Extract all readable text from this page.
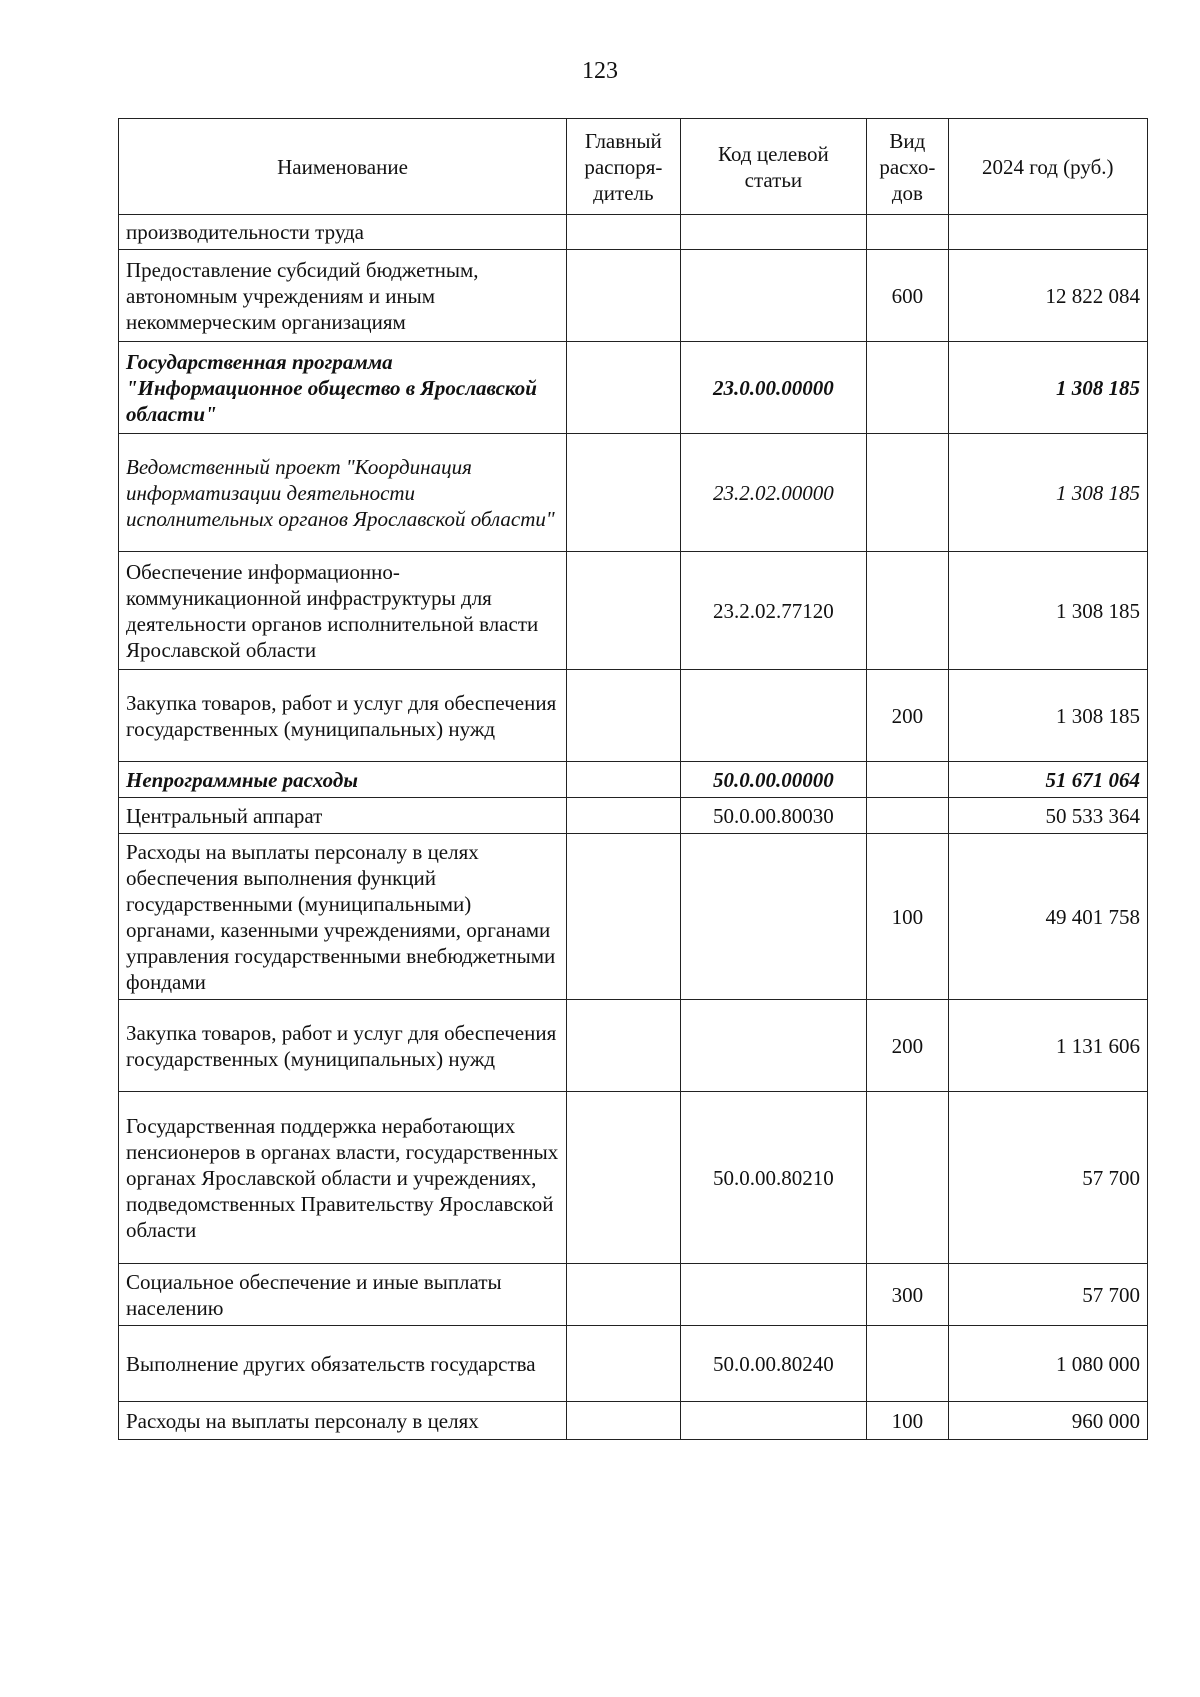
123
Наименование	Главный распоря-дитель	Код целевой статьи	Вид расхо-дов	2024 год (руб.)
производительности труда				
Предоставление субсидий бюджетным, автономным учреждениям и иным некоммерческим организациям			600	12 822 084
Государственная программа "Информационное общество в Ярославской области"		23.0.00.00000		1 308 185
Ведомственный проект "Координация информатизации деятельности исполнительных органов Ярославской области"		23.2.02.00000		1 308 185
Обеспечение информационно-коммуникационной инфраструктуры для деятельности органов исполнительной власти Ярославской области		23.2.02.77120		1 308 185
Закупка товаров, работ и услуг для обеспечения государственных (муниципальных) нужд			200	1 308 185
Непрограммные расходы		50.0.00.00000		51 671 064
Центральный аппарат		50.0.00.80030		50 533 364
Расходы на выплаты персоналу в целях обеспечения выполнения функций государственными (муниципальными) органами, казенными учреждениями, органами управления государственными внебюджетными фондами			100	49 401 758
Закупка товаров, работ и услуг для обеспечения государственных (муниципальных) нужд			200	1 131 606
Государственная поддержка неработающих пенсионеров в органах власти, государственных органах Ярославской области и учреждениях, подведомственных Правительству Ярославской области		50.0.00.80210		57 700
Социальное обеспечение и иные выплаты населению			300	57 700
Выполнение других обязательств государства		50.0.00.80240		1 080 000
Расходы на выплаты персоналу в целях			100	960 000
